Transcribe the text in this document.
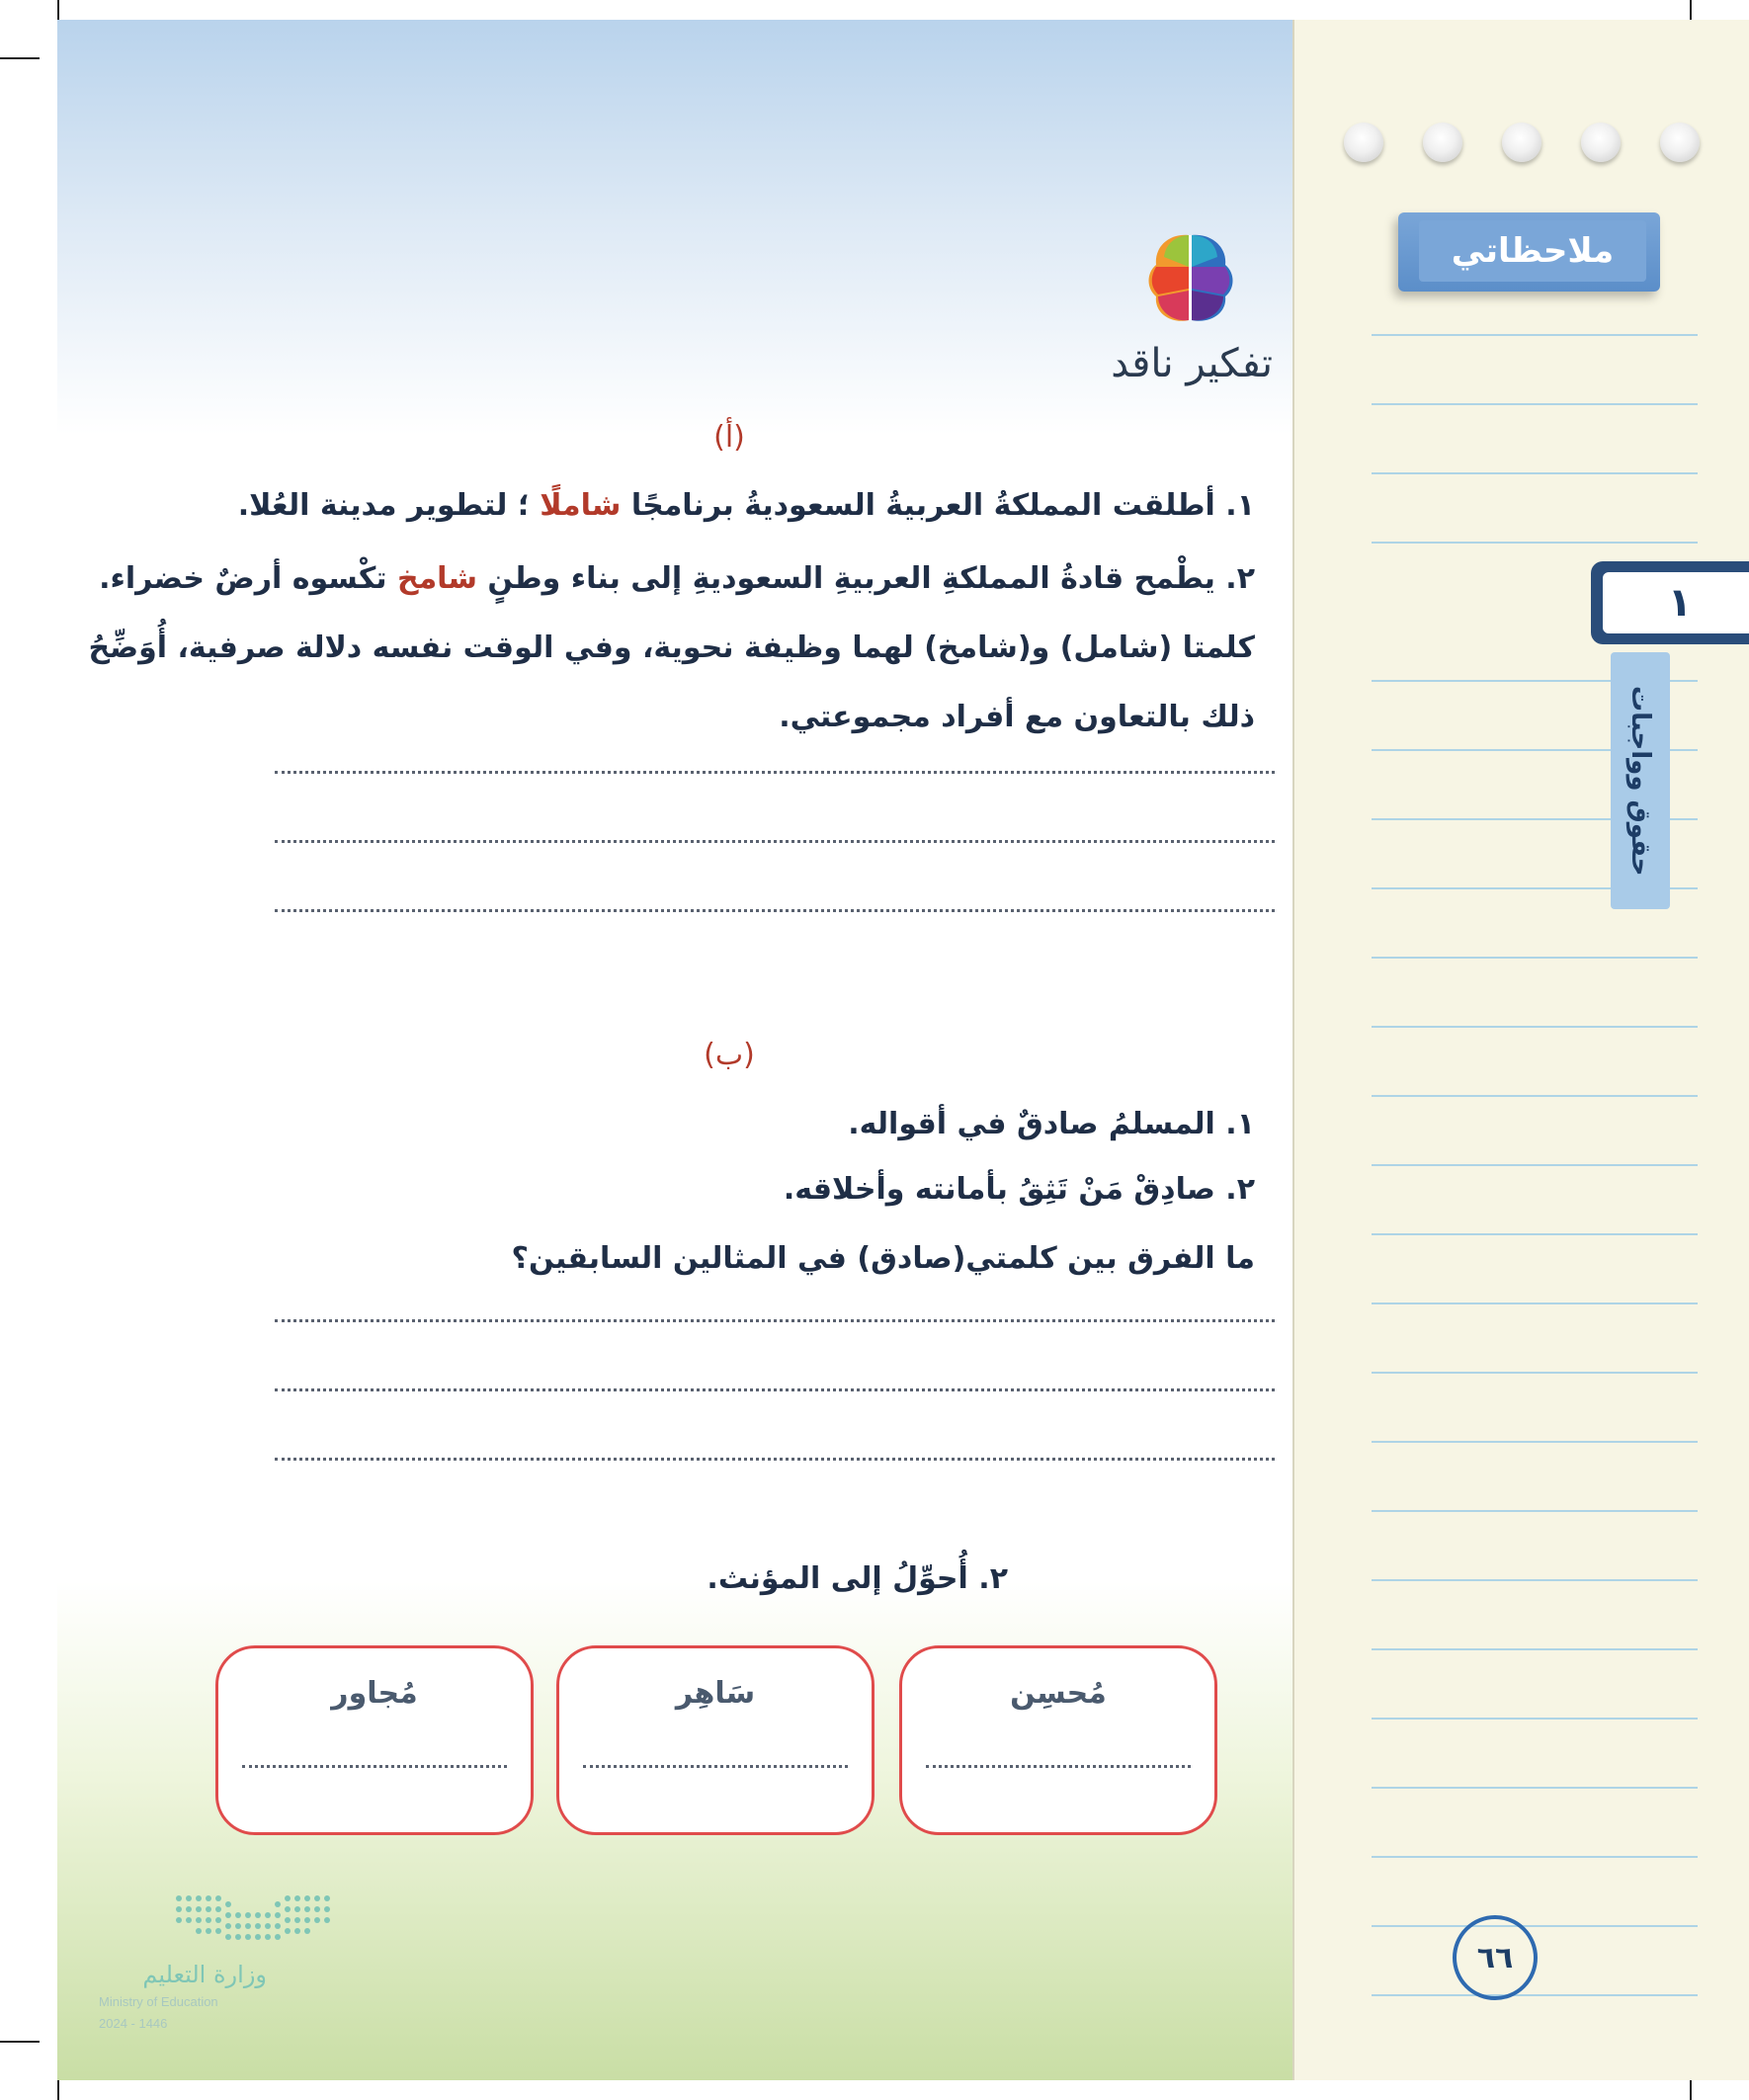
تفكير ناقد
(أ)
١. أطلقت المملكةُ العربيةُ السعوديةُ برنامجًا شاملًا ؛ لتطوير مدينة العُلا.
٢. يطْمح قادةُ المملكةِ العربيةِ السعوديةِ إلى بناء وطنٍ شامخ تكْسوه أرضٌ خضراء.
كلمتا (شامل) و(شامخ) لهما وظيفة نحوية، وفي الوقت نفسه دلالة صرفية، أُوَضِّحُ
ذلك بالتعاون مع أفراد مجموعتي.
(ب)
١. المسلمُ صادقٌ في أقواله.
٢. صادِقْ مَنْ تَثِقُ بأمانته وأخلاقه.
ما الفرق بين كلمتي(صادق) في المثالين السابقين؟
٢. أُحوِّلُ إلى المؤنث.
مُحسِن
سَاهِر
مُجاور
وزارة التعليم
Ministry of Education
2024 - 1446
ملاحظاتي
١
حقوق وواجبات
٦٦
